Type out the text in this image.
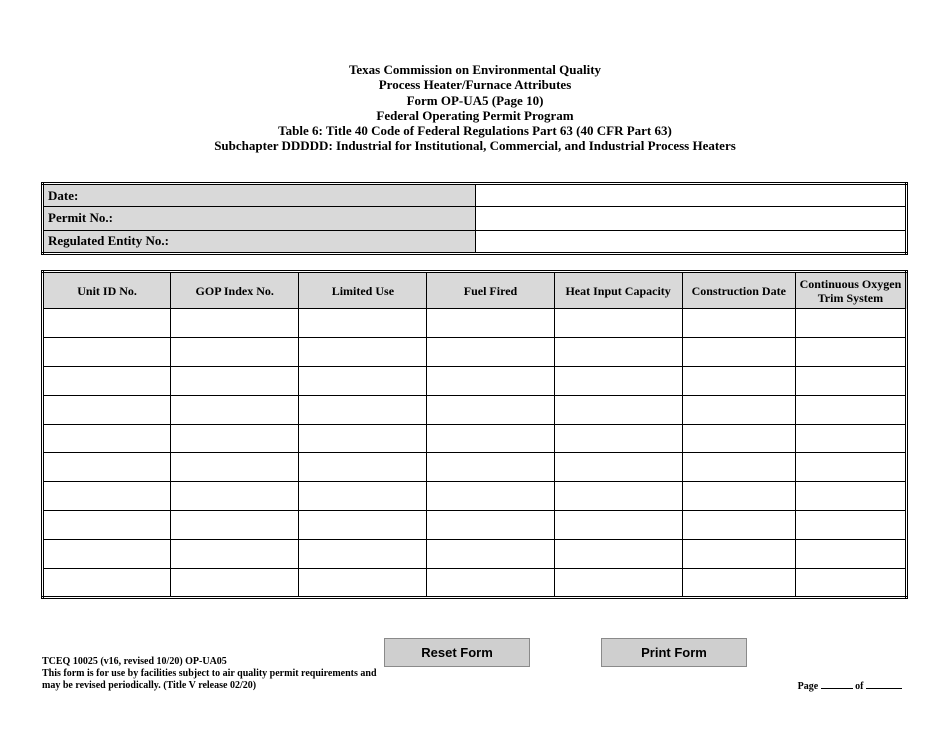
Texas Commission on Environmental Quality
Process Heater/Furnace Attributes
Form OP-UA5 (Page 10)
Federal Operating Permit Program
Table 6: Title 40 Code of Federal Regulations Part 63 (40 CFR Part 63)
Subchapter DDDDD: Industrial for Institutional, Commercial, and Industrial Process Heaters
Date:	
Permit No.:	
Regulated Entity No.:	
Unit ID No.	GOP Index No.	Limited Use	Fuel Fired	Heat Input Capacity	Construction Date	Continuous Oxygen Trim System

Reset Form	Print Form
TCEQ 10025 (v16, revised 10/20) OP-UA05
This form is for use by facilities subject to air quality permit requirements and
may be revised periodically. (Title V release 02/20)	Page	of
